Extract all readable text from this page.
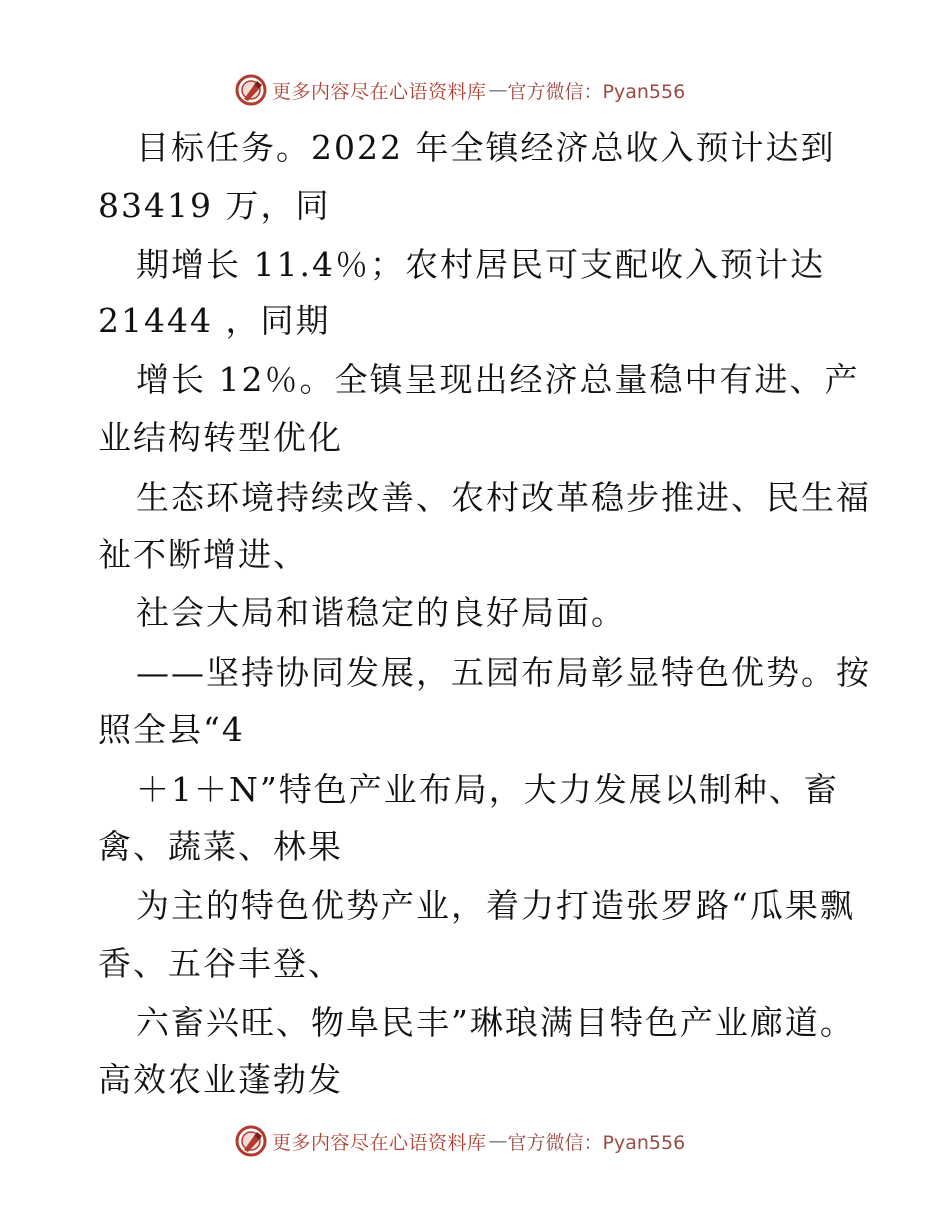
更多内容尽在心语资料库 — 官方微信：Pyan556

目标任务。2022 年全镇经济总收入预计达到

83419 万，同

期增长 11.4％；农村居民可支配收入预计达

21444 ，同期

增长 12％。全镇呈现出经济总量稳中有进、产

业结构转型优化

生态环境持续改善、农村改革稳步推进、民生福

祉不断增进、

社会大局和谐稳定的良好局面。

——坚持协同发展，五园布局彰显特色优势。按

照全县“4

＋1＋N”特色产业布局，大力发展以制种、畜

禽、蔬菜、林果

为主的特色优势产业，着力打造张罗路“瓜果飘

香、五谷丰登、

六畜兴旺、物阜民丰”琳琅满目特色产业廊道。

高效农业蓬勃发

更多内容尽在心语资料库 — 官方微信：Pyan556
